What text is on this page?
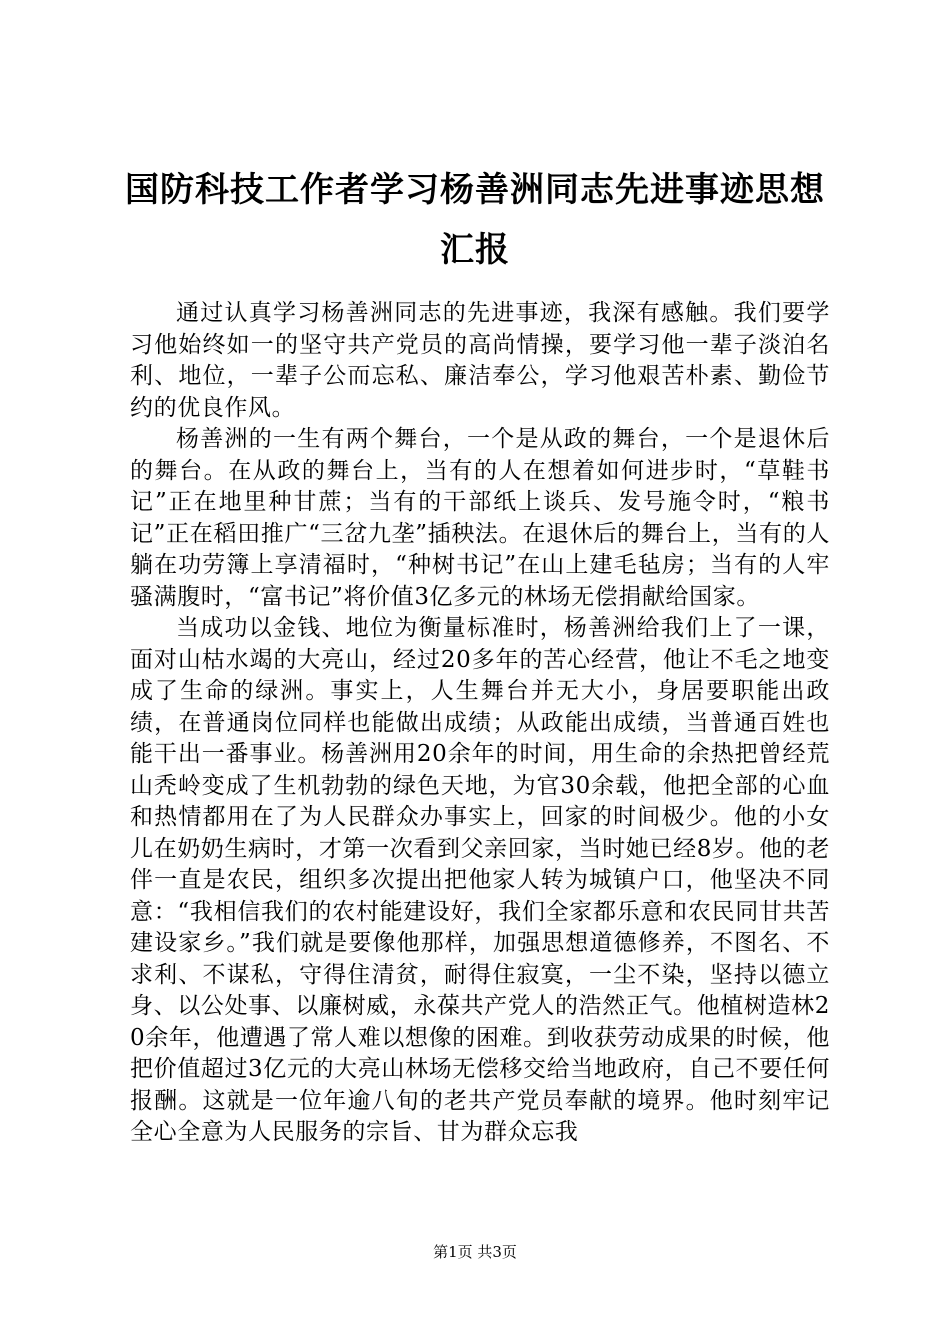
国防科技工作者学习杨善洲同志先进事迹思想汇报

通过认真学习杨善洲同志的先进事迹，我深有感触。我们要学习他始终如一的坚守共产党员的高尚情操，要学习他一辈子淡泊名利、地位，一辈子公而忘私、廉洁奉公，学习他艰苦朴素、勤俭节约的优良作风。

杨善洲的一生有两个舞台，一个是从政的舞台，一个是退休后的舞台。在从政的舞台上，当有的人在想着如何进步时，“草鞋书记”正在地里种甘蔗；当有的干部纸上谈兵、发号施令时，“粮书记”正在稻田推广“三岔九垄”插秧法。在退休后的舞台上，当有的人躺在功劳簿上享清福时，“种树书记”在山上建毛毡房；当有的人牢骚满腹时，“富书记”将价值3亿多元的林场无偿捐献给国家。

当成功以金钱、地位为衡量标准时，杨善洲给我们上了一课，面对山枯水竭的大亮山，经过20多年的苦心经营，他让不毛之地变成了生命的绿洲。事实上，人生舞台并无大小，身居要职能出政绩，在普通岗位同样也能做出成绩；从政能出成绩，当普通百姓也能干出一番事业。杨善洲用20余年的时间，用生命的余热把曾经荒山秃岭变成了生机勃勃的绿色天地，为官30余载，他把全部的心血和热情都用在了为人民群众办事实上，回家的时间极少。他的小女儿在奶奶生病时，才第一次看到父亲回家，当时她已经8岁。他的老伴一直是农民，组织多次提出把他家人转为城镇户口，他坚决不同意：“我相信我们的农村能建设好，我们全家都乐意和农民同甘共苦建设家乡。”我们就是要像他那样，加强思想道德修养，不图名、不求利、不谋私，守得住清贫，耐得住寂寞，一尘不染，坚持以德立身、以公处事、以廉树威，永葆共产党人的浩然正气。他植树造林20余年，他遭遇了常人难以想像的困难。到收获劳动成果的时候，他把价值超过3亿元的大亮山林场无偿移交给当地政府，自己不要任何报酬。这就是一位年逾八旬的老共产党员奉献的境界。他时刻牢记全心全意为人民服务的宗旨、甘为群众忘我

第1页 共3页
